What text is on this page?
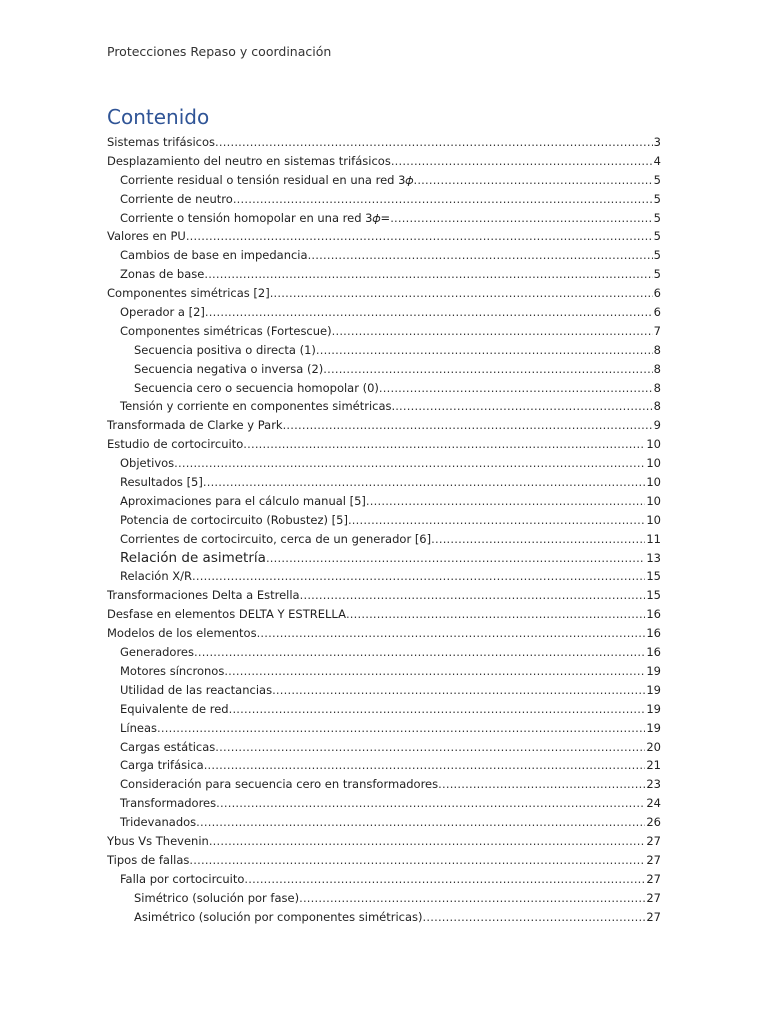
Protecciones Repaso y coordinación
Contenido
Sistemas trifásicos .....	3
Desplazamiento del neutro en sistemas trifásicos .....	4
Corriente residual o tensión residual en una red 3𝜙 .....	5
Corriente de neutro .....	5
Corriente o tensión homopolar en una red 3𝜙= .....	5
Valores en PU .....	5
Cambios de base en impedancia .....	5
Zonas de base .....	5
Componentes simétricas [2] .....	6
Operador a [2] .....	6
Componentes simétricas (Fortescue) .....	7
Secuencia positiva o directa (1) .....	8
Secuencia negativa o inversa (2) .....	8
Secuencia cero o secuencia homopolar (0) .....	8
Tensión y corriente en componentes simétricas. .....	8
Transformada de Clarke y Park .....	9
Estudio de cortocircuito .....	10
Objetivos .....	10
Resultados [5] .....	10
Aproximaciones para el cálculo manual [5] .....	10
Potencia de cortocircuito (Robustez) [5] .....	10
Corrientes de cortocircuito, cerca de un generador [6] .....	11
Relación de asimetría .....	13
Relación X/R .....	15
Transformaciones Delta a Estrella .....	15
Desfase en elementos DELTA Y ESTRELLA .....	16
Modelos de los elementos .....	16
Generadores .....	16
Motores síncronos .....	19
Utilidad de las reactancias .....	19
Equivalente de red .....	19
Líneas .....	19
Cargas estáticas .....	20
Carga trifásica .....	21
Consideración para secuencia cero en transformadores .....	23
Transformadores .....	24
Tridevanados .....	26
Ybus Vs Thevenin .....	27
Tipos de fallas .....	27
Falla por cortocircuito .....	27
Simétrico (solución por fase) .....	27
Asimétrico (solución por componentes simétricas) .....	27
